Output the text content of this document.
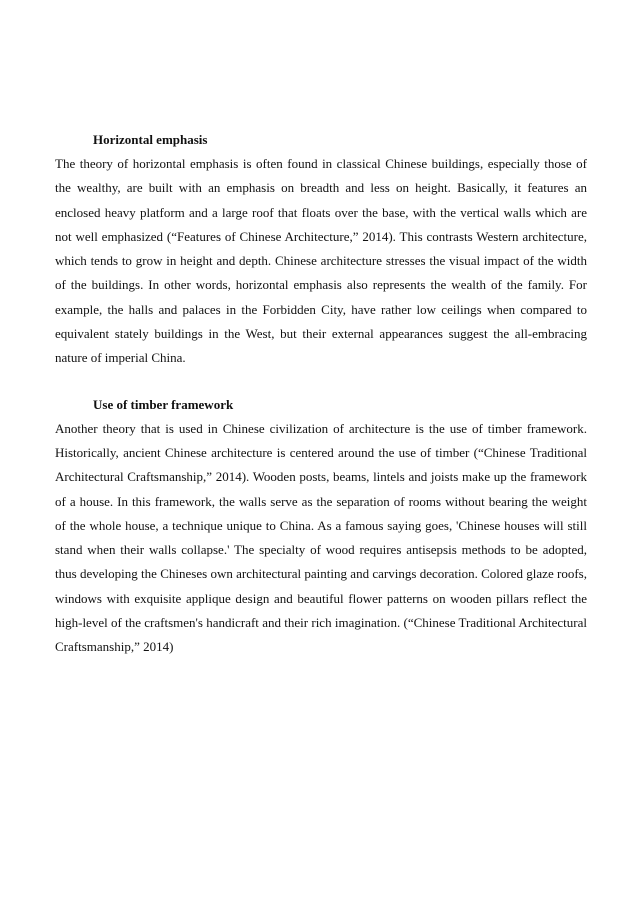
Horizontal emphasis

The theory of horizontal emphasis is often found in classical Chinese buildings, especially those of the wealthy, are built with an emphasis on breadth and less on height. Basically, it features an enclosed heavy platform and a large roof that floats over the base, with the vertical walls which are not well emphasized (“Features of Chinese Architecture,” 2014). This contrasts Western architecture, which tends to grow in height and depth. Chinese architecture stresses the visual impact of the width of the buildings. In other words, horizontal emphasis also represents the wealth of the family. For example, the halls and palaces in the Forbidden City, have rather low ceilings when compared to equivalent stately buildings in the West, but their external appearances suggest the all-embracing nature of imperial China.

Use of timber framework

Another theory that is used in Chinese civilization of architecture is the use of timber framework. Historically, ancient Chinese architecture is centered around the use of timber (“Chinese Traditional Architectural Craftsmanship,” 2014). Wooden posts, beams, lintels and joists make up the framework of a house. In this framework, the walls serve as the separation of rooms without bearing the weight of the whole house, a technique unique to China. As a famous saying goes, 'Chinese houses will still stand when their walls collapse.' The specialty of wood requires antisepsis methods to be adopted, thus developing the Chineses own architectural painting and carvings decoration. Colored glaze roofs, windows with exquisite applique design and beautiful flower patterns on wooden pillars reflect the high-level of the craftsmen's handicraft and their rich imagination. (“Chinese Traditional Architectural Craftsmanship,” 2014)
